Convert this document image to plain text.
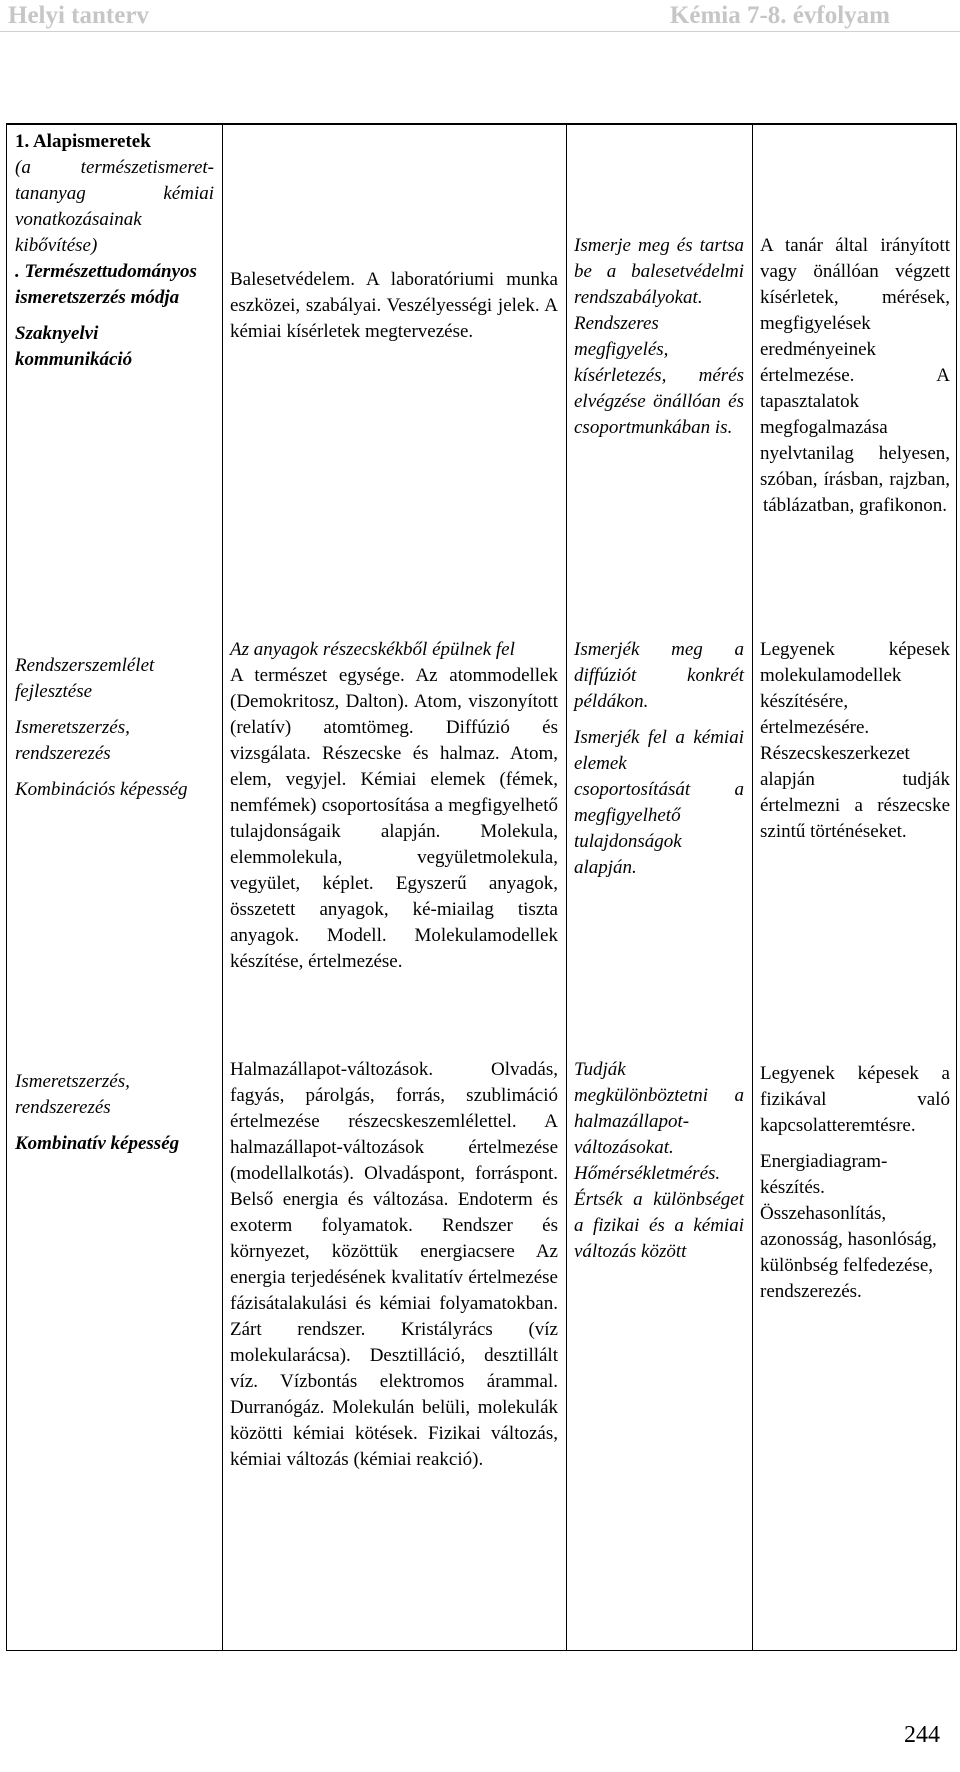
Helyi tanterv	Kémia 7-8. évfolyam

1. Alapismeretek

(a természetismeret-tananyag kémiai vonatkozásainak kibővítése)

. Természettudományos ismeretszerzés módja

Szaknyelvi kommunikáció

Rendszerszemlélet fejlesztése

Ismeretszerzés, rendszerezés

Kombinációs képesség

Ismeretszerzés, rendszerezés

Kombinatív képesség

Balesetvédelem. A laboratóriumi munka eszközei, szabályai. Veszélyességi jelek. A kémiai kísérletek megtervezése.

Az anyagok részecskékből épülnek fel

A természet egysége. Az atommodellek (Demokritosz, Dalton). Atom, viszonyított (relatív) atomtömeg. Diffúzió és vizsgálata. Részecske és halmaz. Atom, elem, vegyjel. Kémiai elemek (fémek, nemfémek) csoportosítása a megfigyelhető tulajdonságaik alapján. Molekula, elemmolekula, vegyületmolekula, vegyület, képlet. Egyszerű anyagok, összetett anyagok, ké-miailag tiszta anyagok. Modell. Molekulamodellek készítése, értelmezése.

Halmazállapot-változások. Olvadás, fagyás, párolgás, forrás, szublimáció értelmezése részecskeszemlélettel. A halmazállapot-változások értelmezése (modellalkotás). Olvadáspont, forráspont. Belső energia és változása. Endoterm és exoterm folyamatok. Rendszer és környezet, közöttük energiacsere Az energia terjedésének kvalitatív értelmezése fázisátalakulási és kémiai folyamatokban. Zárt rendszer. Kristályrács (víz molekularácsa). Desztilláció, desztillált víz. Vízbontás elektromos árammal. Durranógáz. Molekulán belüli, molekulák közötti kémiai kötések. Fizikai változás, kémiai változás (kémiai reakció).

Ismerje meg és tartsa be a balesetvédelmi rendszabályokat. Rendszeres megfigyelés, kísérletezés, mérés elvégzése önállóan és csoportmunkában is.

Ismerjék meg a diffúziót konkrét példákon.

Ismerjék fel a kémiai elemek csoportosítását a megfigyelhető tulajdonságok alapján.

Tudják megkülönböztetni a halmazállapot-változásokat. Hőmérsékletmérés. Értsék a különbséget a fizikai és a kémiai változás között

A tanár által irányított vagy önállóan végzett kísérletek, mérések, megfigyelések eredményeinek értelmezése. A tapasztalatok megfogalmazása nyelvtanilag helyesen, szóban, írásban, rajzban, táblázatban, grafikonon.

Legyenek képesek molekulamodellek készítésére, értelmezésére.

Részecskeszerkezet alapján tudják értelmezni a részecske szintű történéseket.

Legyenek képesek a fizikával való kapcsolatteremtésre.

Energiadiagram-készítés.

Összehasonlítás, azonosság, hasonlóság, különbség felfedezése, rendszerezés.

244
